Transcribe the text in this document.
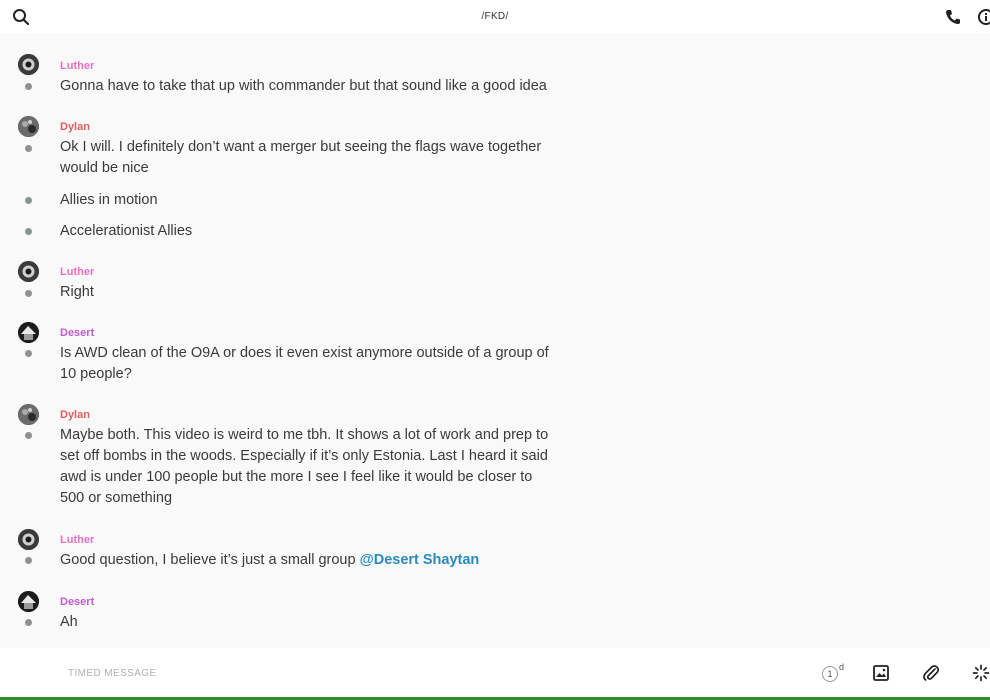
/FKD/
Luther
Gonna have to take that up with commander but that sound like a good idea
Dylan
Ok I will. I definitely don’t want a merger but seeing the flags wave together would be nice
Allies in motion
Accelerationist Allies
Luther
Right
Desert
Is AWD clean of the O9A or does it even exist anymore outside of a group of 10 people?
Dylan
Maybe both. This video is weird to me tbh. It shows a lot of work and prep to set off bombs in the woods. Especially if it’s only Estonia. Last I heard it said awd is under 100 people but the more I see I feel like it would be closer to 500 or something
Luther
Good question, I believe it’s just a small group @Desert Shaytan
Desert
Ah
TIMED MESSAGE	1
d
